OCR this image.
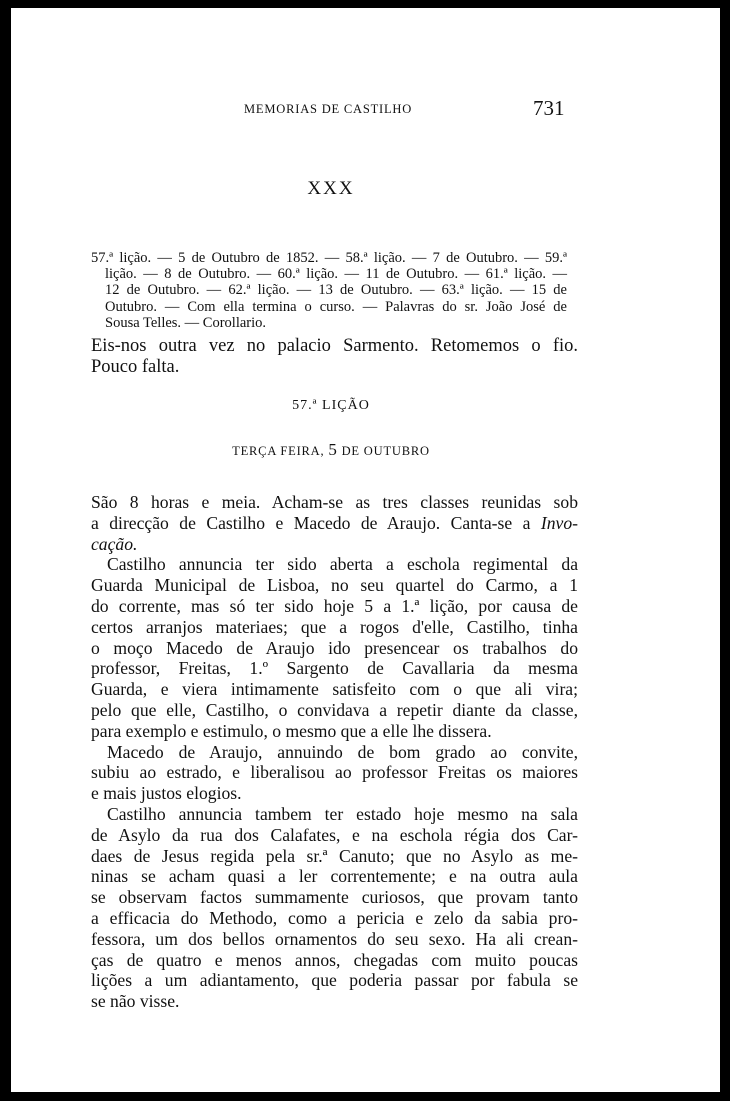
MEMORIAS DE CASTILHO	731
XXX
57.ª lição. — 5 de Outubro de 1852. — 58.ª lição. — 7 de Outubro. — 59.ª
lição. — 8 de Outubro. — 60.ª lição. — 11 de Outubro. — 61.ª lição. —
12 de Outubro. — 62.ª lição. — 13 de Outubro. — 63.ª lição. — 15 de
Outubro. — Com ella termina o curso. — Palavras do sr. João José de
Sousa Telles. — Corollario.
Eis-nos outra vez no palacio Sarmento. Retomemos o fio.
Pouco falta.
57.ª LIÇÃO
TERÇA FEIRA, 5 DE OUTUBRO
São 8 horas e meia. Acham-se as tres classes reunidas sob
a direcção de Castilho e Macedo de Araujo. Canta-se a Invo-
cação.
Castilho annuncia ter sido aberta a eschola regimental da
Guarda Municipal de Lisboa, no seu quartel do Carmo, a 1
do corrente, mas só ter sido hoje 5 a 1.ª lição, por causa de
certos arranjos materiaes; que a rogos d'elle, Castilho, tinha
o moço Macedo de Araujo ido presencear os trabalhos do
professor, Freitas, 1.º Sargento de Cavallaria da mesma
Guarda, e viera intimamente satisfeito com o que ali vira;
pelo que elle, Castilho, o convidava a repetir diante da classe,
para exemplo e estimulo, o mesmo que a elle lhe dissera.
Macedo de Araujo, annuindo de bom grado ao convite,
subiu ao estrado, e liberalisou ao professor Freitas os maiores
e mais justos elogios.
Castilho annuncia tambem ter estado hoje mesmo na sala
de Asylo da rua dos Calafates, e na eschola régia dos Car-
daes de Jesus regida pela sr.ª Canuto; que no Asylo as me-
ninas se acham quasi a ler correntemente; e na outra aula
se observam factos summamente curiosos, que provam tanto
a efficacia do Methodo, como a pericia e zelo da sabia pro-
fessora, um dos bellos ornamentos do seu sexo. Ha ali crean-
ças de quatro e menos annos, chegadas com muito poucas
lições a um adiantamento, que poderia passar por fabula se
se não visse.
